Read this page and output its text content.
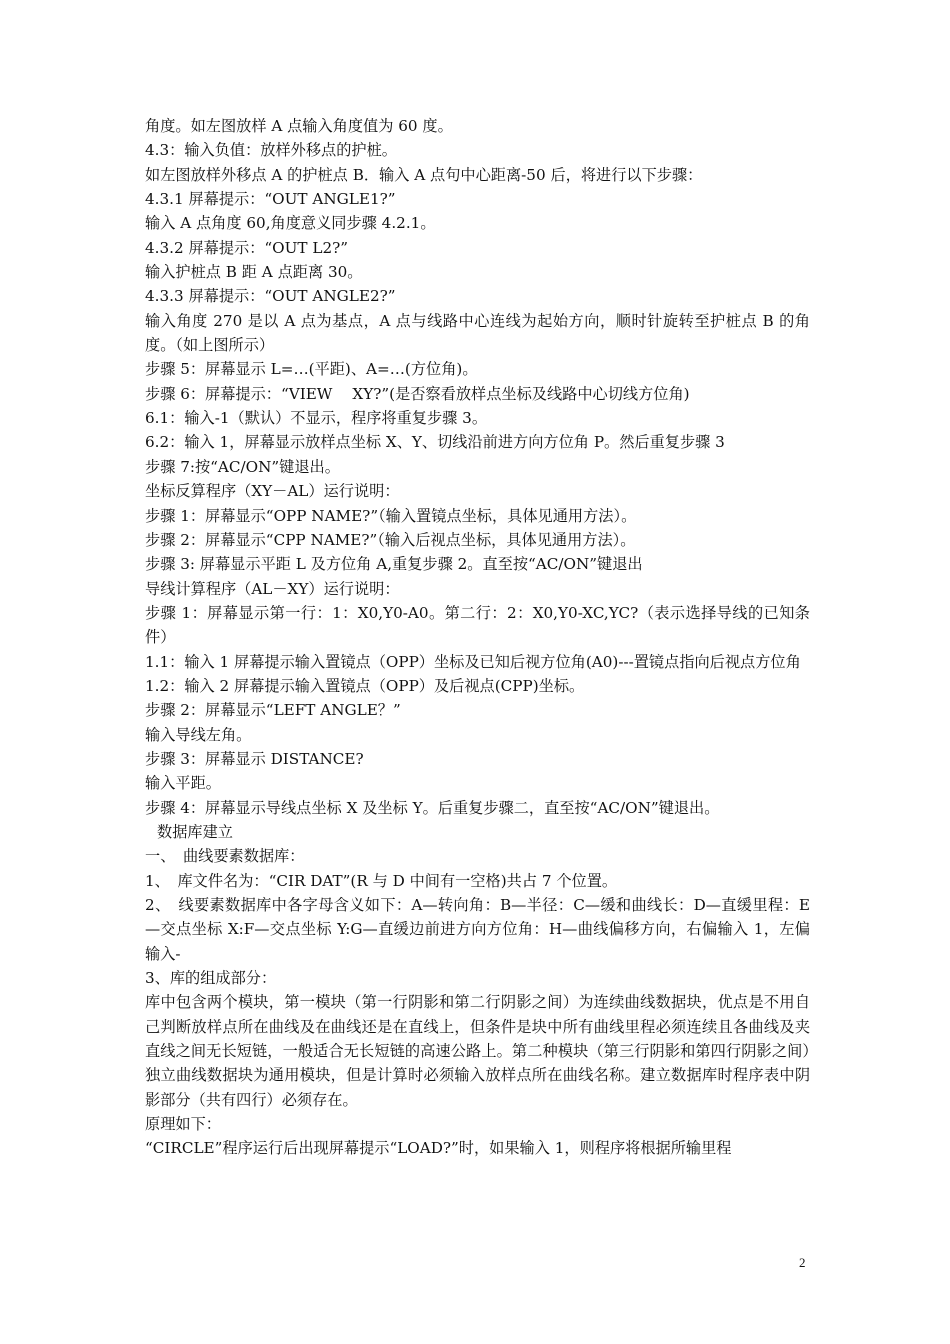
角度。如左图放样 A 点输入角度值为 60 度。

4.3：输入负值：放样外移点的护桩。

如左图放样外移点 A 的护桩点 B．输入 A 点句中心距离-50 后，将进行以下步骤：

4.3.1 屏幕提示：“OUT ANGLE1?”

输入 A 点角度 60,角度意义同步骤 4.2.1。

4.3.2 屏幕提示：“OUT L2?”

输入护桩点 B 距 A 点距离 30。

4.3.3 屏幕提示：“OUT ANGLE2?”

输入角度 270 是以 A 点为基点，A 点与线路中心连线为起始方向，顺时针旋转至护桩点 B 的角度。（如上图所示）

步骤 5：屏幕显示 L=…(平距)、A=…(方位角)。

步骤 6：屏幕提示：“VIEW　 XY?”(是否察看放样点坐标及线路中心切线方位角)

6.1：输入-1（默认）不显示，程序将重复步骤 3。

6.2：输入 1，屏幕显示放样点坐标 X、Y、切线沿前进方向方位角 P。然后重复步骤 3

步骤 7:按“AC/ON”键退出。

坐标反算程序（XY－AL）运行说明：

步骤 1：屏幕显示“OPP NAME?”（输入置镜点坐标，具体见通用方法）。

步骤 2：屏幕显示“CPP NAME?”（输入后视点坐标，具体见通用方法）。

步骤 3: 屏幕显示平距 L 及方位角 A,重复步骤 2。直至按“AC/ON”键退出

导线计算程序（AL－XY）运行说明：

步骤 1：屏幕显示第一行：1：X0,Y0-A0。第二行：2：X0,Y0-XC,YC?（表示选择导线的已知条件）

1.1：输入 1 屏幕提示输入置镜点（OPP）坐标及已知后视方位角(A0)---置镜点指向后视点方位角

1.2：输入 2 屏幕提示输入置镜点（OPP）及后视点(CPP)坐标。

步骤 2：屏幕显示“LEFT ANGLE？”

输入导线左角。

步骤 3：屏幕显示 DISTANCE?

输入平距。

步骤 4：屏幕显示导线点坐标 X 及坐标 Y。后重复步骤二，直至按“AC/ON”键退出。

数据库建立

一、　曲线要素数据库：

1、　库文件名为：“CIR DAT”(R 与 D 中间有一空格)共占 7 个位置。

2、　线要素数据库中各字母含义如下：A—转向角：B—半径：C—缓和曲线长：D—直缓里程：E—交点坐标 X:F—交点坐标 Y:G—直缓边前进方向方位角：H—曲线偏移方向，右偏输入 1，左偏输入-

3、库的组成部分：

库中包含两个模块，第一模块（第一行阴影和第二行阴影之间）为连续曲线数据块，优点是不用自己判断放样点所在曲线及在曲线还是在直线上，但条件是块中所有曲线里程必须连续且各曲线及夹直线之间无长短链，一般适合无长短链的高速公路上。第二种模块（第三行阴影和第四行阴影之间）独立曲线数据块为通用模块，但是计算时必须输入放样点所在曲线名称。建立数据库时程序表中阴影部分（共有四行）必须存在。

原理如下：

“CIRCLE”程序运行后出现屏幕提示“LOAD?”时，如果输入 1，则程序将根据所输里程

2
